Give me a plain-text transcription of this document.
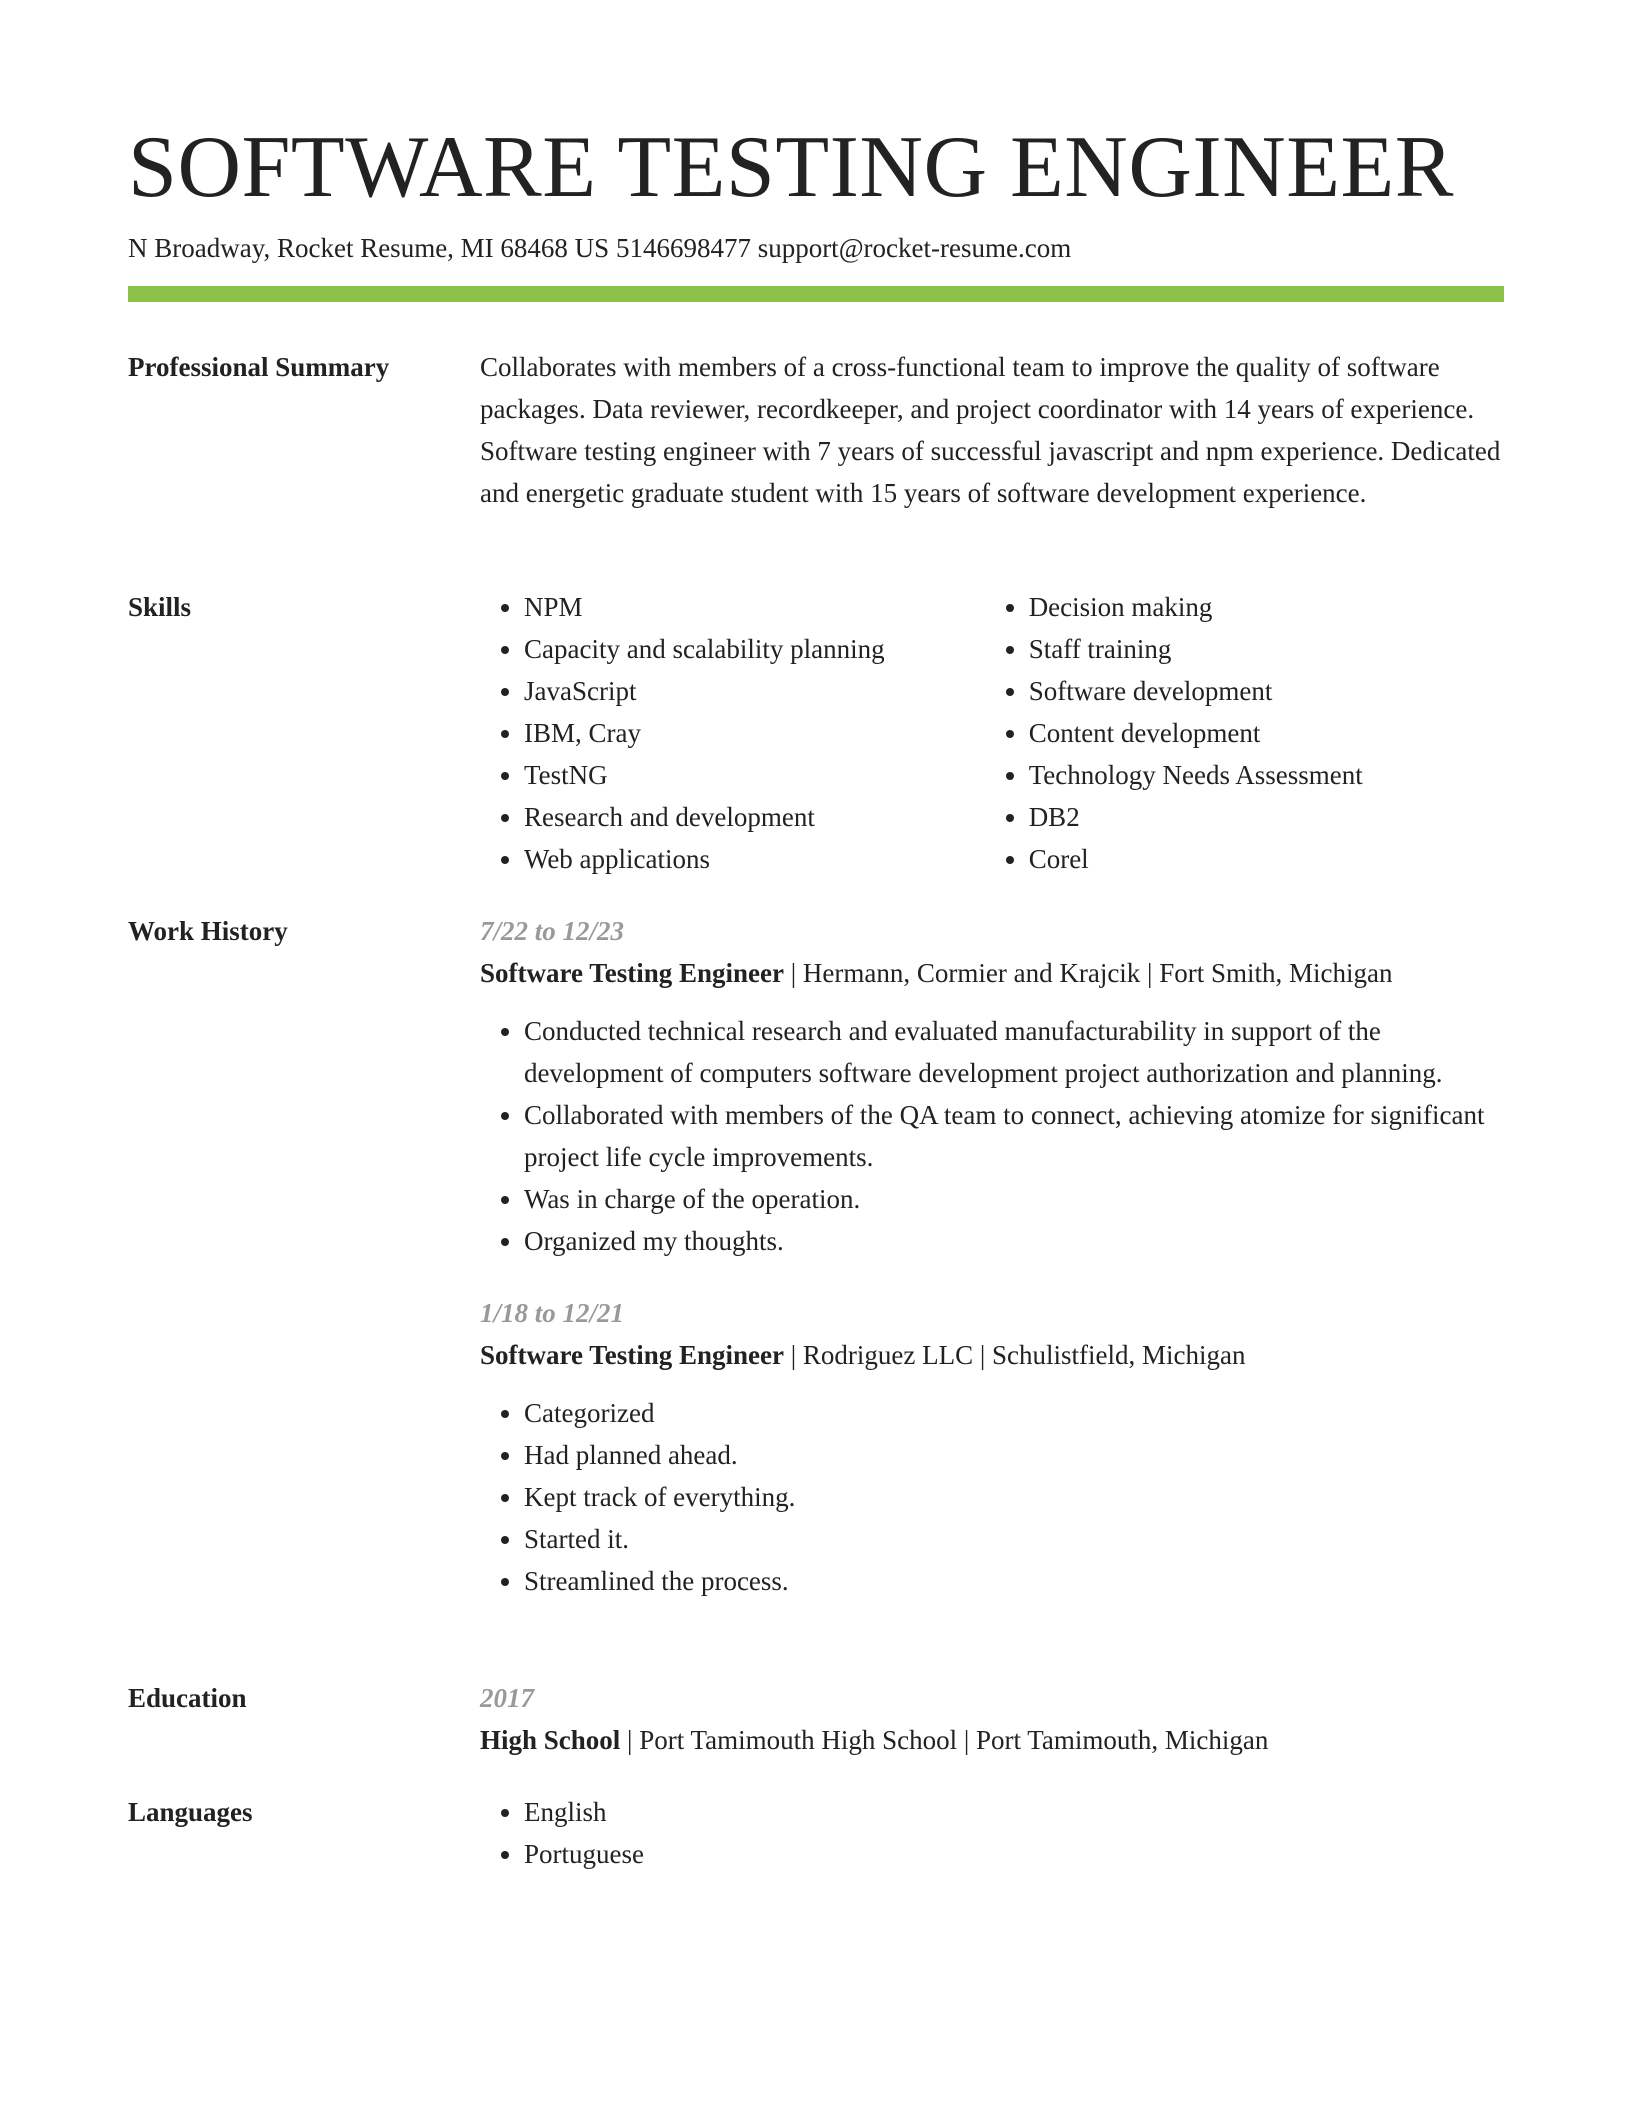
SOFTWARE TESTING ENGINEER
N Broadway, Rocket Resume, MI 68468 US 5146698477 support@rocket-resume.com
Professional Summary	Collaborates with members of a cross-functional team to improve the quality of software packages. Data reviewer, recordkeeper, and project coordinator with 14 years of experience. Software testing engineer with 7 years of successful javascript and npm experience. Dedicated and energetic graduate student with 15 years of software development experience.

Skills	• NPM
• Capacity and scalability planning
• JavaScript
• IBM, Cray
• TestNG
• Research and development
• Web applications
• Decision making
• Staff training
• Software development
• Content development
• Technology Needs Assessment
• DB2
• Corel
Work History	7/22 to 12/23
Software Testing Engineer | Hermann, Cormier and Krajcik | Fort Smith, Michigan
• Conducted technical research and evaluated manufacturability in support of the development of computers software development project authorization and planning.
• Collaborated with members of the QA team to connect, achieving atomize for significant project life cycle improvements.
• Was in charge of the operation.
• Organized my thoughts.
1/18 to 12/21
Software Testing Engineer | Rodriguez LLC | Schulistfield, Michigan
• Categorized
• Had planned ahead.
• Kept track of everything.
• Started it.
• Streamlined the process.
Education	2017
High School | Port Tamimouth High School | Port Tamimouth, Michigan
Languages	• English
• Portuguese
